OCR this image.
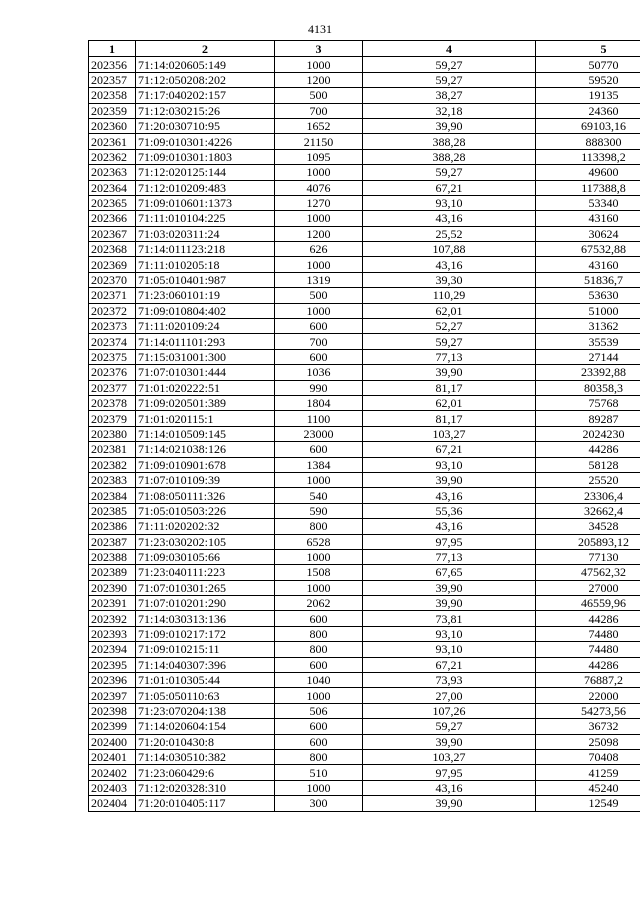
4131
1	2	3	4	5
202356	71:14:020605:149	1000	59,27	50770
202357	71:12:050208:202	1200	59,27	59520
202358	71:17:040202:157	500	38,27	19135
202359	71:12:030215:26	700	32,18	24360
202360	71:20:030710:95	1652	39,90	69103,16
202361	71:09:010301:4226	21150	388,28	888300
202362	71:09:010301:1803	1095	388,28	113398,2
202363	71:12:020125:144	1000	59,27	49600
202364	71:12:010209:483	4076	67,21	117388,8
202365	71:09:010601:1373	1270	93,10	53340
202366	71:11:010104:225	1000	43,16	43160
202367	71:03:020311:24	1200	25,52	30624
202368	71:14:011123:218	626	107,88	67532,88
202369	71:11:010205:18	1000	43,16	43160
202370	71:05:010401:987	1319	39,30	51836,7
202371	71:23:060101:19	500	110,29	53630
202372	71:09:010804:402	1000	62,01	51000
202373	71:11:020109:24	600	52,27	31362
202374	71:14:011101:293	700	59,27	35539
202375	71:15:031001:300	600	77,13	27144
202376	71:07:010301:444	1036	39,90	23392,88
202377	71:01:020222:51	990	81,17	80358,3
202378	71:09:020501:389	1804	62,01	75768
202379	71:01:020115:1	1100	81,17	89287
202380	71:14:010509:145	23000	103,27	2024230
202381	71:14:021038:126	600	67,21	44286
202382	71:09:010901:678	1384	93,10	58128
202383	71:07:010109:39	1000	39,90	25520
202384	71:08:050111:326	540	43,16	23306,4
202385	71:05:010503:226	590	55,36	32662,4
202386	71:11:020202:32	800	43,16	34528
202387	71:23:030202:105	6528	97,95	205893,12
202388	71:09:030105:66	1000	77,13	77130
202389	71:23:040111:223	1508	67,65	47562,32
202390	71:07:010301:265	1000	39,90	27000
202391	71:07:010201:290	2062	39,90	46559,96
202392	71:14:030313:136	600	73,81	44286
202393	71:09:010217:172	800	93,10	74480
202394	71:09:010215:11	800	93,10	74480
202395	71:14:040307:396	600	67,21	44286
202396	71:01:010305:44	1040	73,93	76887,2
202397	71:05:050110:63	1000	27,00	22000
202398	71:23:070204:138	506	107,26	54273,56
202399	71:14:020604:154	600	59,27	36732
202400	71:20:010430:8	600	39,90	25098
202401	71:14:030510:382	800	103,27	70408
202402	71:23:060429:6	510	97,95	41259
202403	71:12:020328:310	1000	43,16	45240
202404	71:20:010405:117	300	39,90	12549
